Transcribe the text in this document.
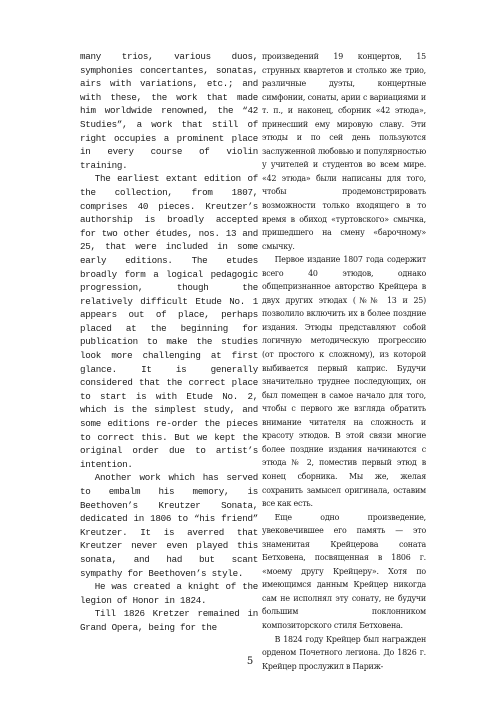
many trios, various duos, symphonies concertantes, sonatas, airs with variations, etc.; and with these, the work that made him worldwide renowned, the “42 Studies”, a work that still of right occupies a prominent place in every course of violin training.

The earliest extant edition of the collection, from 1807, comprises 40 pieces. Kreutzer’s authorship is broadly accepted for two other études, nos. 13 and 25, that were included in some early editions. The etudes broadly form a logical pedagogic progression, though the relatively difficult Etude No. 1 appears out of place, perhaps placed at the beginning for publication to make the studies look more challenging at first glance. It is generally considered that the correct place to start is with Etude No. 2, which is the simplest study, and some editions re-order the pieces to correct this. But we kept the original order due to artist’s intention.

Another work which has served to embalm his memory, is Beethoven’s Kreutzer Sonata, dedicated in 1806 to “his friend” Kreutzer. It is averred that Kreutzer never even played this sonata, and had but scant sympathy for Beethoven’s style.

He was created a knight of the legion of Honor in 1824.

Till 1826 Kretzer remained in Grand Opera, being for the

произведений 19 концертов, 15 струнных квартетов и столько же трио, различные дуэты, концертные симфонии, сонаты, арии с вариациями и т. п., и наконец, сборник «42 этюда», принесший ему мировую славу. Эти этюды и по сей день пользуются заслуженной любовью и популярностью у учителей и студентов во всем мире. «42 этюда» были написаны для того, чтобы продемонстрировать возможности только входящего в то время в обиход «туртовского» смычка, пришедшего на смену «барочному» смычку.

Первое издание 1807 года содержит всего 40 этюдов, однако общепризнанное авторство Крейцера в двух других этюдах (№№ 13 и 25) позволило включить их в более поздние издания. Этюды представляют собой логичную методическую прогрессию (от простого к сложному), из которой выбивается первый каприс. Будучи значительно труднее последующих, он был помещен в самое начало для того, чтобы с первого же взгляда обратить внимание читателя на сложность и красоту этюдов. В этой связи многие более поздние издания начинаются с этюда № 2, поместив первый этюд в конец сборника. Мы же, желая сохранить замысел оригинала, оставим все как есть.

Еще одно произведение, увековечившее его память — это знаменитая Крейцерова соната Бетховена, посвященная в 1806 г. «моему другу Крейцеру». Хотя по имеющимся данным Крейцер никогда сам не исполнял эту сонату, не будучи большим поклонником композиторского стиля Бетховена.

В 1824 году Крейцер был награжден орденом Почетного легиона. До 1826 г. Крейцер прослужил в Париж-

5
